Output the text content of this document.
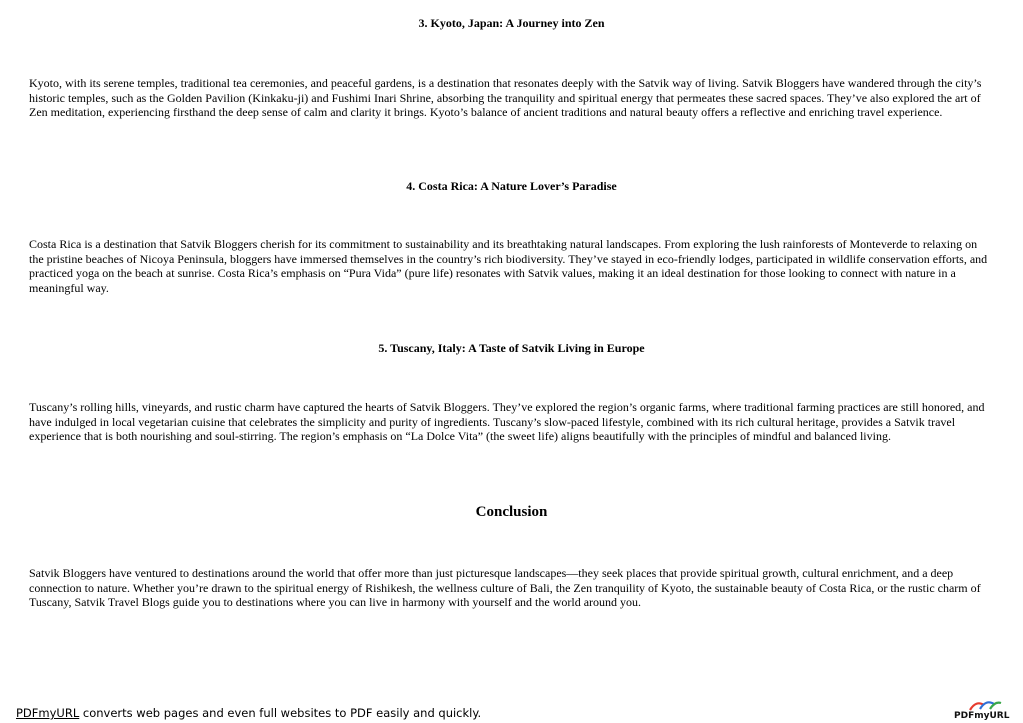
3. Kyoto, Japan: A Journey into Zen

Kyoto, with its serene temples, traditional tea ceremonies, and peaceful gardens, is a destination that resonates deeply with the Satvik way of living. Satvik Bloggers have wandered through the city’s historic temples, such as the Golden Pavilion (Kinkaku-ji) and Fushimi Inari Shrine, absorbing the tranquility and spiritual energy that permeates these sacred spaces. They’ve also explored the art of Zen meditation, experiencing firsthand the deep sense of calm and clarity it brings. Kyoto’s balance of ancient traditions and natural beauty offers a reflective and enriching travel experience.

4. Costa Rica: A Nature Lover’s Paradise

Costa Rica is a destination that Satvik Bloggers cherish for its commitment to sustainability and its breathtaking natural landscapes. From exploring the lush rainforests of Monteverde to relaxing on the pristine beaches of Nicoya Peninsula, bloggers have immersed themselves in the country’s rich biodiversity. They’ve stayed in eco-friendly lodges, participated in wildlife conservation efforts, and practiced yoga on the beach at sunrise. Costa Rica’s emphasis on “Pura Vida” (pure life) resonates with Satvik values, making it an ideal destination for those looking to connect with nature in a meaningful way.

5. Tuscany, Italy: A Taste of Satvik Living in Europe

Tuscany’s rolling hills, vineyards, and rustic charm have captured the hearts of Satvik Bloggers. They’ve explored the region’s organic farms, where traditional farming practices are still honored, and have indulged in local vegetarian cuisine that celebrates the simplicity and purity of ingredients. Tuscany’s slow-paced lifestyle, combined with its rich cultural heritage, provides a Satvik travel experience that is both nourishing and soul-stirring. The region’s emphasis on “La Dolce Vita” (the sweet life) aligns beautifully with the principles of mindful and balanced living.

Conclusion

Satvik Bloggers have ventured to destinations around the world that offer more than just picturesque landscapes—they seek places that provide spiritual growth, cultural enrichment, and a deep connection to nature. Whether you’re drawn to the spiritual energy of Rishikesh, the wellness culture of Bali, the Zen tranquility of Kyoto, the sustainable beauty of Costa Rica, or the rustic charm of Tuscany, Satvik Travel Blogs guide you to destinations where you can live in harmony with yourself and the world around you.

PDFmyURL converts web pages and even full websites to PDF easily and quickly.	PDFmyURL
